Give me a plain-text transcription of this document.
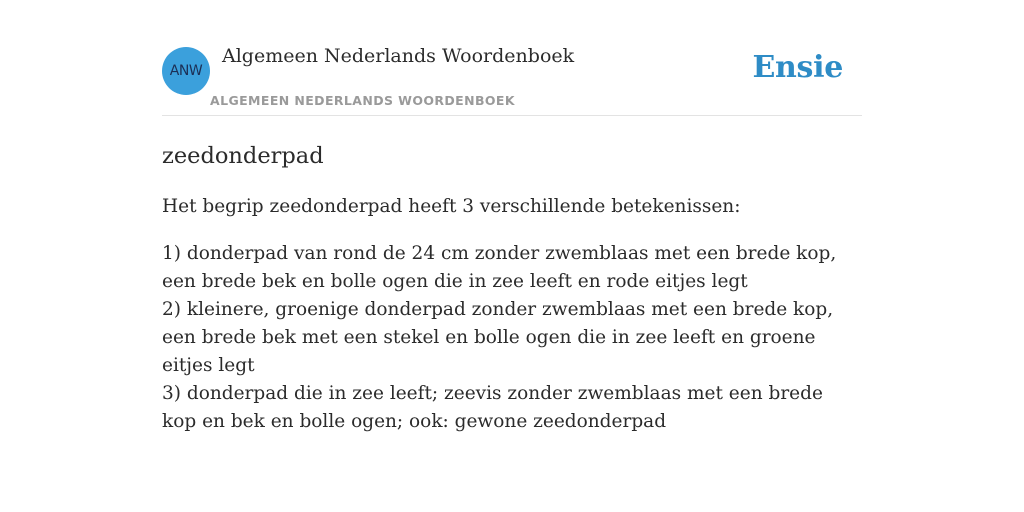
ANW
Algemeen Nederlands Woordenboek
ALGEMEEN NEDERLANDS WOORDENBOEK
Ensie
zeedonderpad

Het begrip zeedonderpad heeft 3 verschillende betekenissen:

1) donderpad van rond de 24 cm zonder zwemblaas met een brede kop, een brede bek en bolle ogen die in zee leeft en rode eitjes legt
2) kleinere, groenige donderpad zonder zwemblaas met een brede kop, een brede bek met een stekel en bolle ogen die in zee leeft en groene eitjes legt
3) donderpad die in zee leeft; zeevis zonder zwemblaas met een brede kop en bek en bolle ogen; ook: gewone zeedonderpad
